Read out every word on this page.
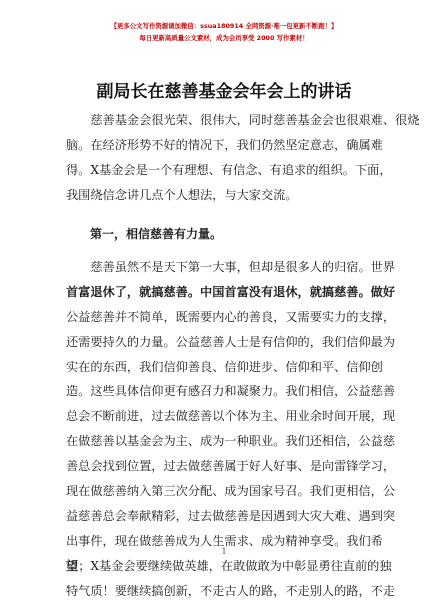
【更多公文写作资源请加微信：ssua180914 全网资源·唯一包更新不断跑！】
每日更新高质量公文素材，成为会员享受 2000 写作素材！
副局长在慈善基金会年会上的讲话
　　慈善基金会很光荣、很伟大，同时慈善基金会也很艰难、很烧
脑。在经济形势不好的情况下，我们仍然坚定意志，确属难
得。X基金会是一个有理想、有信念、有追求的组织。下面，
我围绕信念讲几点个人想法，与大家交流。
第一，相信慈善有力量。
　　慈善虽然不是天下第一大事，但却是很多人的归宿。世界
首富退休了，就搞慈善。中国首富没有退休，就搞慈善。做好
公益慈善并不简单，既需要内心的善良，又需要实力的支撑，
还需要持久的力量。公益慈善人士是有信仰的，我们信仰最为
实在的东西，我们信仰善良、信仰进步、信仰和平、信仰创
造。这些具体信仰更有感召力和凝聚力。我们相信，公益慈善
总会不断前进，过去做慈善以个体为主、用业余时间开展，现
在做慈善以基金会为主、成为一种职业。我们还相信，公益慈
善总会找到位置，过去做慈善属于好人好事、是向雷锋学习，
现在做慈善纳入第三次分配、成为国家号召。我们更相信，公
益慈善总会奉献精彩，过去做慈善是因遇到大灾大难、遇到突
出事件，现在做慈善成为人生需求、成为精神享受。我们希
望；X基金会要继续做英雄，在敢做敢为中彰显勇往直前的独
特气质！要继续搞创新，不走古人的路，不走别人的路，不走
1
